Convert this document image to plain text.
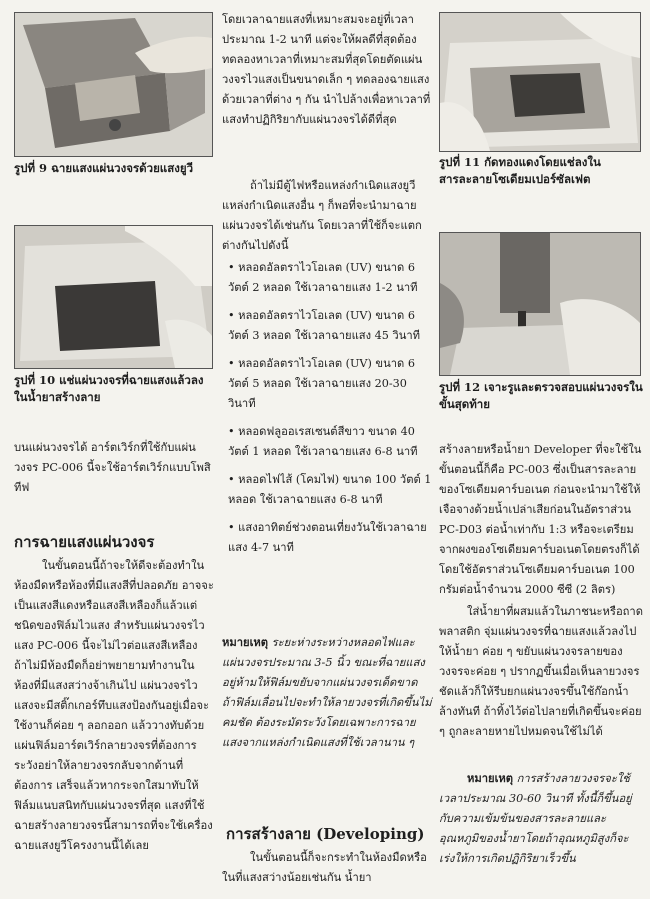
รูปที่ 9 ฉายแสงแผ่นวงจรด้วยแสงยูวี
รูปที่ 10 แช่แผ่นวงจรที่ฉายแสงแล้วลงในน้ำยาสร้างลาย
บนแผ่นวงจรได้ อาร์ตเวิร์กที่ใช้กับแผ่นวงจร PC-006 นี้จะใช้อาร์ตเวิร์กแบบโพสิทีฟ
การฉายแสงแผ่นวงจร
ในขั้นตอนนี้ถ้าจะให้ดีจะต้องทำในห้องมืดหรือห้องที่มีแสงสีที่ปลอดภัย อาจจะเป็นแสงสีแดงหรือแสงสีเหลืองก็แล้วแต่ชนิดของฟิล์มไวแสง สำหรับแผ่นวงจรไวแสง PC-006 นี้จะไม่ไวต่อแสงสีเหลือง ถ้าไม่มีห้องมืดก็อย่าพยายามทำงานในห้องที่มีแสงสว่างจ้าเกินไป แผ่นวงจรไวแสงจะมีสติ๊กเกอร์ทึบแสงป้องกันอยู่เมื่อจะใช้งานก็ค่อย ๆ ลอกออก แล้ววางทับด้วยแผ่นฟิล์มอาร์ตเวิร์กลายวงจรที่ต้องการ ระวังอย่าให้ลายวงจรกลับจากด้านที่ต้องการ เสร็จแล้วหากระจกใสมาทับให้ฟิล์มแนบสนิทกับแผ่นวงจรที่สุด แสงที่ใช้ฉายสร้างลายวงจรนี้สามารถที่จะใช้เครื่องฉายแสงยูวีโครงงานนี้ได้เลย
โดยเวลาฉายแสงที่เหมาะสมจะอยู่ที่เวลาประมาณ 1-2 นาที แต่จะให้ผลดีที่สุดต้องทดลองหาเวลาที่เหมาะสมที่สุดโดยตัดแผ่นวงจรไวแสงเป็นขนาดเล็ก ๆ ทดลองฉายแสงด้วยเวลาที่ต่าง ๆ กัน นำไปล้างเพื่อหาเวลาที่แสงทำปฏิกิริยากับแผ่นวงจรได้ดีที่สุด
ถ้าไม่มีตู้ไฟหรือแหล่งกำเนิดแสงยูวี แหล่งกำเนิดแสงอื่น ๆ ก็พอที่จะนำมาฉายแผ่นวงจรได้เช่นกัน โดยเวลาที่ใช้ก็จะแตกต่างกันไปดังนี้

• หลอดอัลตราไวโอเลต (UV) ขนาด 6 วัตต์ 2 หลอด ใช้เวลาฉายแสง 1-2 นาที

• หลอดอัลตราไวโอเลต (UV) ขนาด 6 วัตต์ 3 หลอด ใช้เวลาฉายแสง 45 วินาที

• หลอดอัลตราไวโอเลต (UV) ขนาด 6 วัตต์ 5 หลอด ใช้เวลาฉายแสง 20-30 วินาที

• หลอดฟลูออเรสเซนต์สีขาว ขนาด 40 วัตต์ 1 หลอด ใช้เวลาฉายแสง 6-8 นาที

• หลอดไฟไส้ (โคมไฟ) ขนาด 100 วัตต์ 1 หลอด ใช้เวลาฉายแสง 6-8 นาที

• แสงอาทิตย์ช่วงตอนเที่ยงวันใช้เวลาฉายแสง 4-7 นาที

หมายเหตุ ระยะห่างระหว่างหลอดไฟและแผ่นวงจรประมาณ 3-5 นิ้ว ขณะที่ฉายแสงอยู่ห้ามให้ฟิล์มขยับจากแผ่นวงจรเด็ดขาด ถ้าฟิล์มเลื่อนไปจะทำให้ลายวงจรที่เกิดขึ้นไม่คมชัด ต้องระมัดระวังโดยเฉพาะการฉายแสงจากแหล่งกำเนิดแสงที่ใช้เวลานาน ๆ
การสร้างลาย (Developing)
ในขั้นตอนนี้ก็จะกระทำในห้องมืดหรือในที่แสงสว่างน้อยเช่นกัน น้ำยา
รูปที่ 11 กัดทองแดงโดยแช่ลงในสารละลายโซเดียมเปอร์ซัลเฟต
รูปที่ 12 เจาะรูและตรวจสอบแผ่นวงจรในขั้นสุดท้าย
สร้างลายหรือน้ำยา Developer ที่จะใช้ในขั้นตอนนี้ก็คือ PC-003 ซึ่งเป็นสารละลายของโซเดียมคาร์บอเนต ก่อนจะนำมาใช้ให้เจือจางด้วยน้ำเปล่าเสียก่อนในอัตราส่วน PC-D03 ต่อน้ำเท่ากับ 1:3 หรือจะเตรียมจากผงของโซเดียมคาร์บอเนตโดยตรงก็ได้ โดยใช้อัตราส่วนโซเดียมคาร์บอเนต 100 กรัมต่อน้ำจำนวน 2000 ซีซี (2 ลิตร)
ใส่น้ำยาที่ผสมแล้วในภาชนะหรือถาดพลาสติก จุ่มแผ่นวงจรที่ฉายแสงแล้วลงไปให้น้ำยา ค่อย ๆ ขยับแผ่นวงจรลายของวงจรจะค่อย ๆ ปรากฏขึ้นเมื่อเห็นลายวงจรชัดแล้วก็ให้รีบยกแผ่นวงจรขึ้นใช้ก๊อกน้ำล้างทันที ถ้าทิ้งไว้ต่อไปลายที่เกิดขึ้นจะค่อย ๆ ถูกละลายหายไปหมดจนใช้ไม่ได้
หมายเหตุ การสร้างลายวงจรจะใช้เวลาประมาณ 30-60 วินาที ทั้งนี้ก็ขึ้นอยู่กับความเข้มข้นของสารละลายและอุณหภูมิของน้ำยาโดยถ้าอุณหภูมิสูงก็จะเร่งให้การเกิดปฏิกิริยาเร็วขึ้น
